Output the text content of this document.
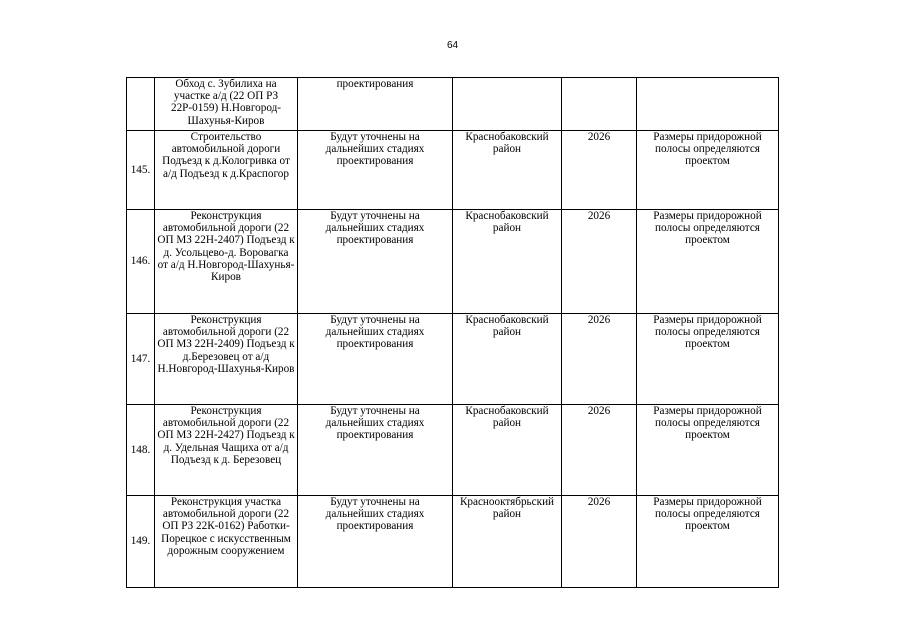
64
	Обход с. Зубилиха на участке а/д (22 ОП РЗ 22Р-0159) Н.Новгород-Шахунья-Киров	проектирования			
145.	Строительство автомобильной дороги Подъезд к д.Кологривка от а/д Подъезд к д.Краспогор	Будут уточнены на дальнейших стадиях проектирования	Краснобаковский район	2026	Размеры придорожной полосы определяются проектом
146.	Реконструкция автомобильной дороги (22 ОП МЗ 22Н-2407) Подъезд к д. Усольцево-д. Воровагка от а/д Н.Новгород-Шахунья-Киров	Будут уточнены на дальнейших стадиях проектирования	Краснобаковский район	2026	Размеры придорожной полосы определяются проектом
147.	Реконструкция автомобильной дороги (22 ОП МЗ 22Н-2409) Подъезд к д.Березовец от а/д Н.Новгород-Шахунья-Киров	Будут уточнены на дальнейших стадиях проектирования	Краснобаковский район	2026	Размеры придорожной полосы определяются проектом
148.	Реконструкция автомобильной дороги (22 ОП МЗ 22Н-2427) Подъезд к д. Удельная Чащиха от а/д Подъезд к д. Березовец	Будут уточнены на дальнейших стадиях проектирования	Краснобаковский район	2026	Размеры придорожной полосы определяются проектом
149.	Реконструкция участка автомобильной дороги (22 ОП РЗ 22К-0162) Работки-Порецкое с искусственным дорожным сооружением	Будут уточнены на дальнейших стадиях проектирования	Краснооктябрьский район	2026	Размеры придорожной полосы определяются проектом
